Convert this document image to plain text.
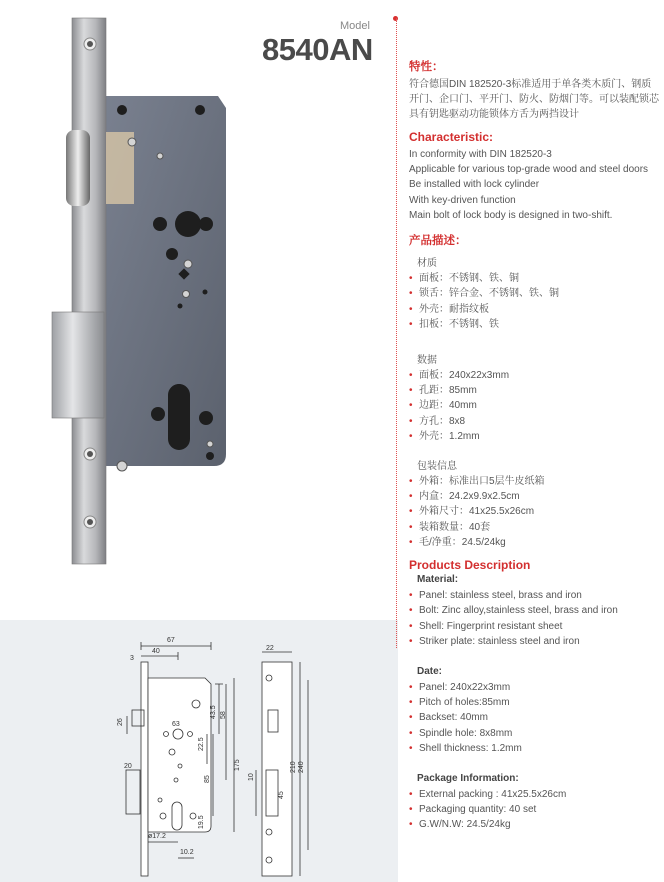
Model
8540AN
67
40
3
26	63
43.5 58
22.5
85
175
20
ø17.2
19.5
10.2
22
210 240
10
45
特性：
符合德国DIN 182520-3标准适用于单各类木质门、钢质开门、企口门、平开门、防火、防烟门等。可以装配锁芯具有钥匙驱动功能锁体方舌为两挡设计
Characteristic:
In conformity with DIN 182520-3
Applicable for various top-grade wood and steel doors
Be installed with lock cylinder
With key-driven function
Main bolt of lock body is designed in two-shift.
产品描述：
材质
• 面板：不锈钢、铁、铜
• 锁舌：锌合金、不锈钢、铁、铜
• 外壳：耐指纹板
• 扣板：不锈钢、铁
数据
• 面板：240x22x3mm
• 孔距：85mm
• 边距：40mm
• 方孔：8x8
• 外壳：1.2mm
包装信息
• 外箱：标准出口5层牛皮纸箱
• 内盒：24.2x9.9x2.5cm
• 外箱尺寸：41x25.5x26cm
• 装箱数量：40套
• 毛/净重：24.5/24kg
Products Description
Material:
• Panel: stainless steel, brass and iron
• Bolt: Zinc alloy,stainless steel, brass and iron
• Shell: Fingerprint resistant sheet
• Striker plate: stainless steel and iron
Date:
• Panel: 240x22x3mm
• Pitch of holes:85mm
• Backset: 40mm
• Spindle hole: 8x8mm
• Shell thickness: 1.2mm
Package Information:
• External packing : 41x25.5x26cm
• Packaging quantity: 40 set
• G.W/N.W: 24.5/24kg
